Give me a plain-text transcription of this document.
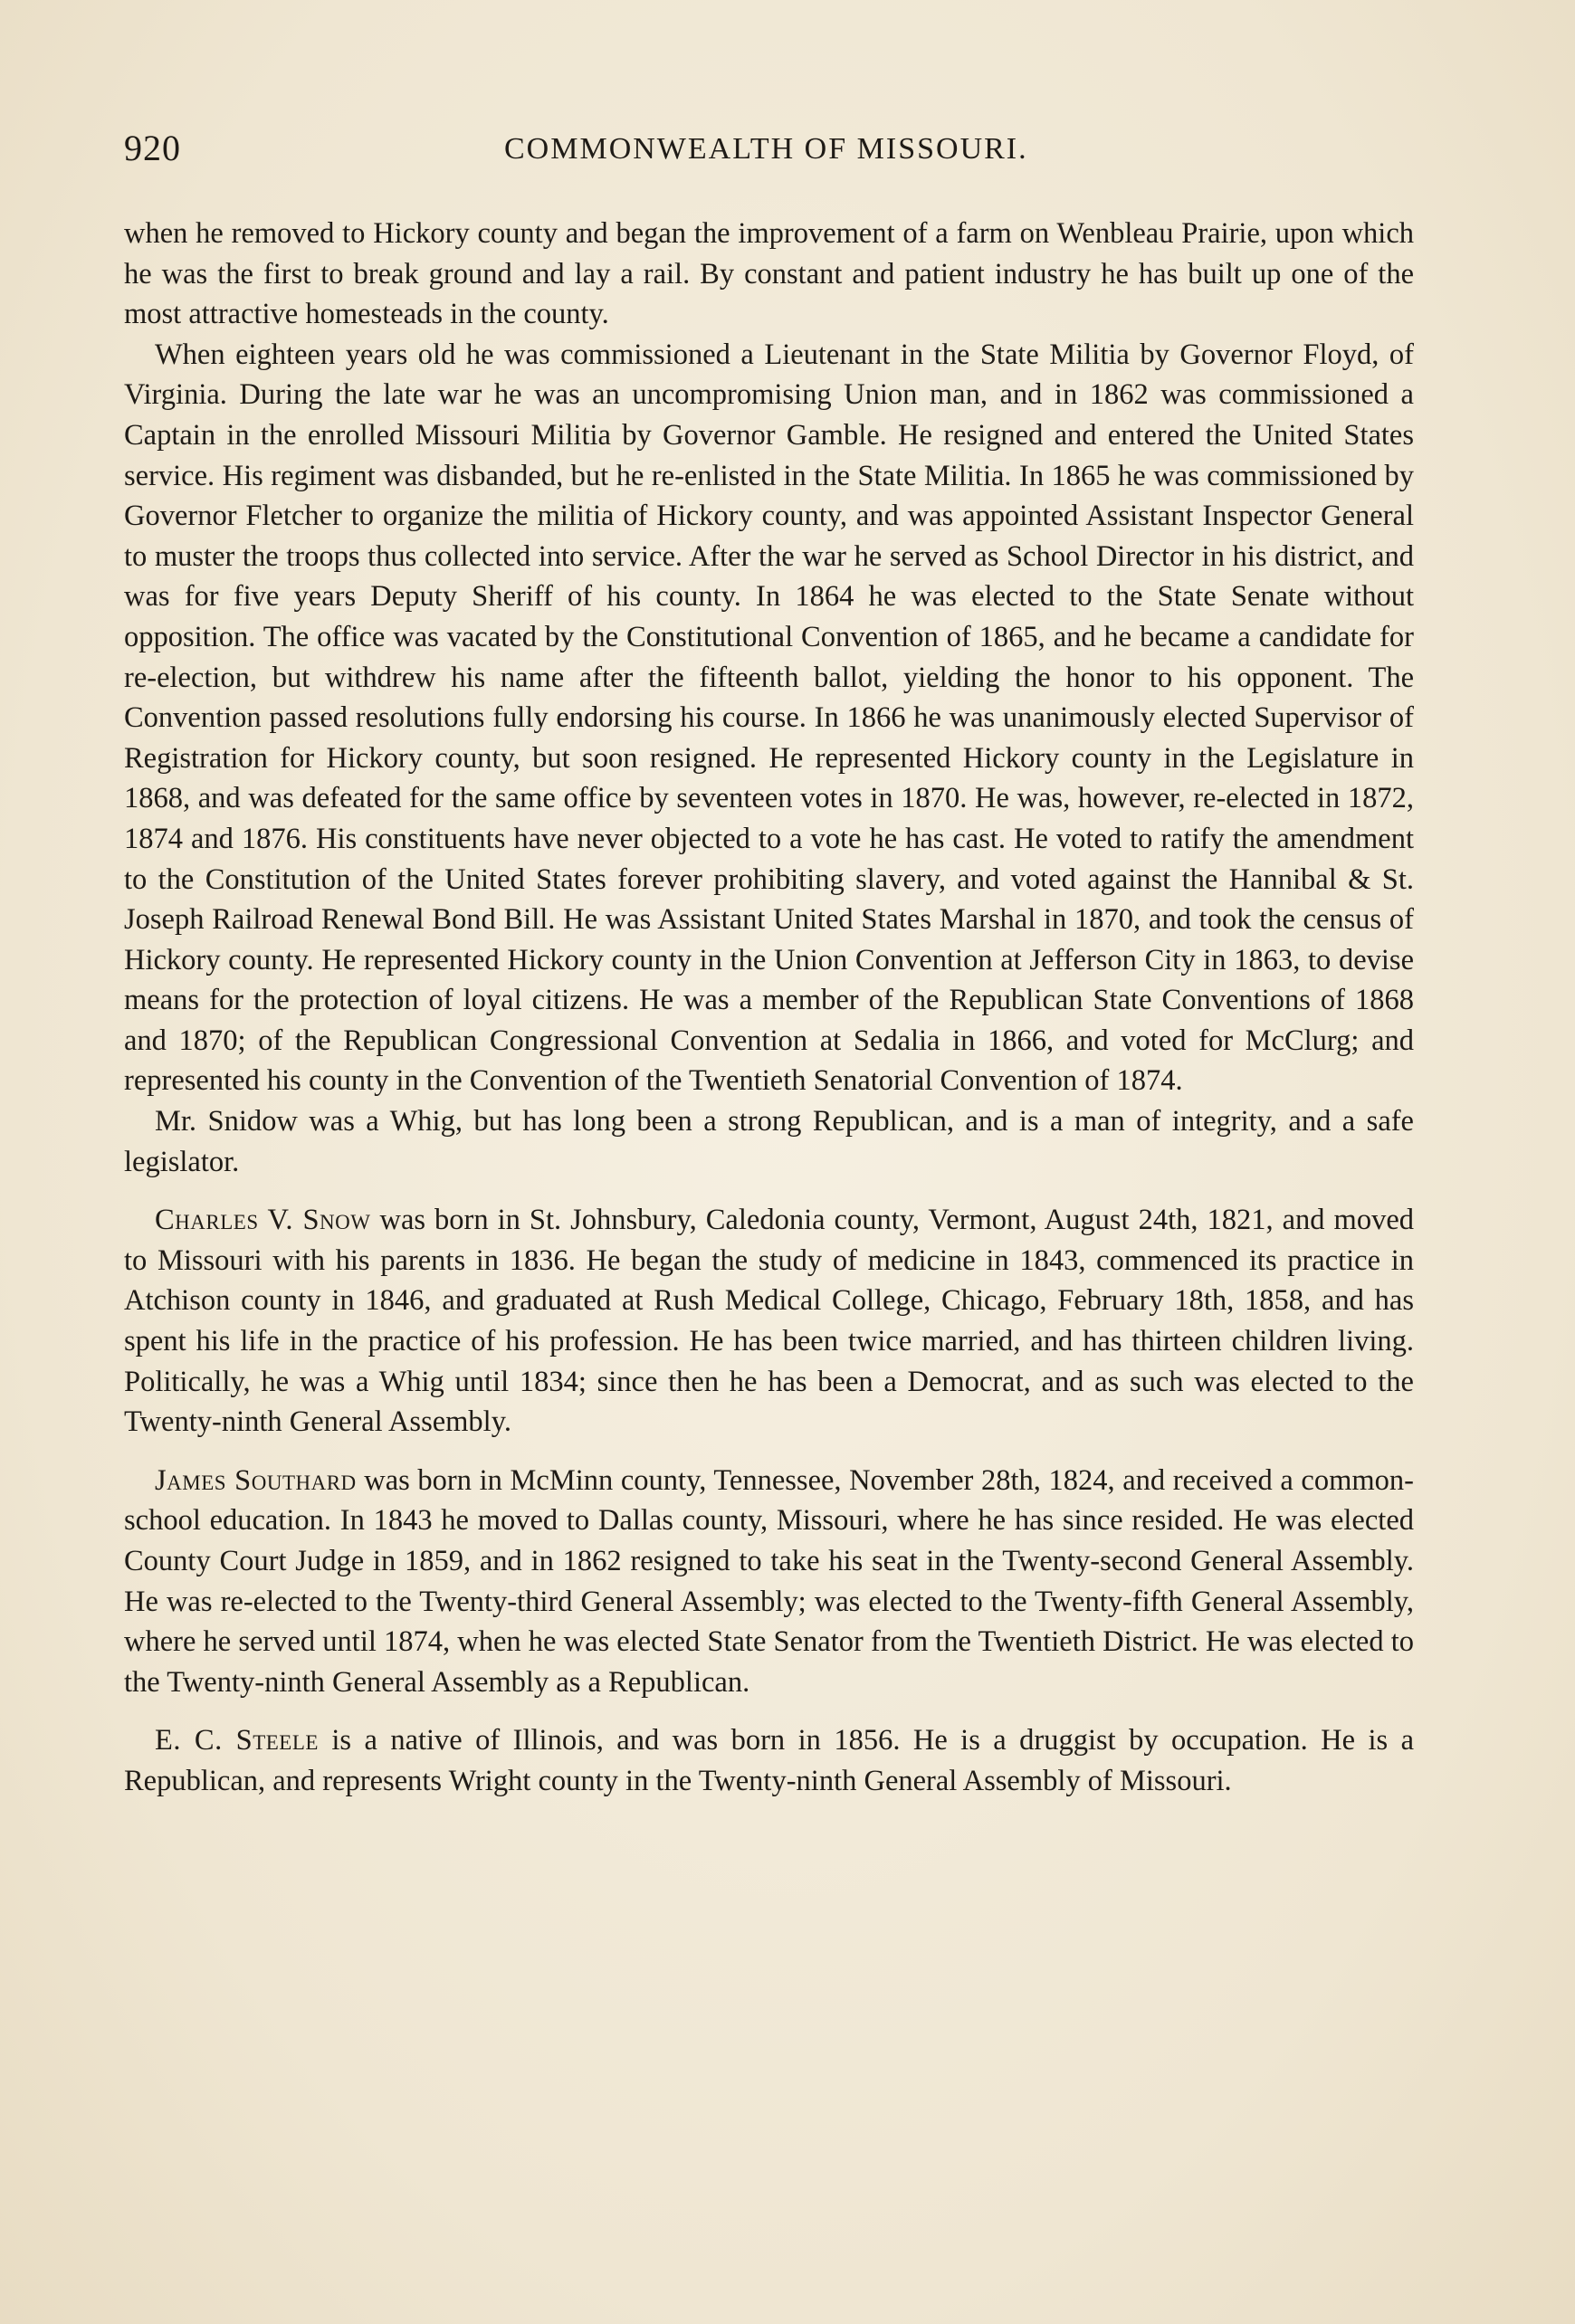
920	COMMONWEALTH OF MISSOURI.

when he removed to Hickory county and began the improvement of a farm on Wenbleau Prairie, upon which he was the first to break ground and lay a rail. By constant and patient industry he has built up one of the most attractive homesteads in the county.

When eighteen years old he was commissioned a Lieutenant in the State Militia by Governor Floyd, of Virginia. During the late war he was an uncompromising Union man, and in 1862 was commissioned a Captain in the enrolled Missouri Militia by Governor Gamble. He resigned and entered the United States service. His regiment was disbanded, but he re-enlisted in the State Militia. In 1865 he was commissioned by Governor Fletcher to organize the militia of Hickory county, and was appointed Assistant Inspector General to muster the troops thus collected into service. After the war he served as School Director in his district, and was for five years Deputy Sheriff of his county. In 1864 he was elected to the State Senate without opposition. The office was vacated by the Constitutional Convention of 1865, and he became a candidate for re-election, but withdrew his name after the fifteenth ballot, yielding the honor to his opponent. The Convention passed resolutions fully endorsing his course. In 1866 he was unanimously elected Supervisor of Registration for Hickory county, but soon resigned. He represented Hickory county in the Legislature in 1868, and was defeated for the same office by seventeen votes in 1870. He was, however, re-elected in 1872, 1874 and 1876. His constituents have never objected to a vote he has cast. He voted to ratify the amendment to the Constitution of the United States forever prohibiting slavery, and voted against the Hannibal & St. Joseph Railroad Renewal Bond Bill. He was Assistant United States Marshal in 1870, and took the census of Hickory county. He represented Hickory county in the Union Convention at Jefferson City in 1863, to devise means for the protection of loyal citizens. He was a member of the Republican State Conventions of 1868 and 1870; of the Republican Congressional Convention at Sedalia in 1866, and voted for McClurg; and represented his county in the Convention of the Twentieth Senatorial Convention of 1874.

Mr. Snidow was a Whig, but has long been a strong Republican, and is a man of integrity, and a safe legislator.

Charles V. Snow was born in St. Johnsbury, Caledonia county, Vermont, August 24th, 1821, and moved to Missouri with his parents in 1836. He began the study of medicine in 1843, commenced its practice in Atchison county in 1846, and graduated at Rush Medical College, Chicago, February 18th, 1858, and has spent his life in the practice of his profession. He has been twice married, and has thirteen children living. Politically, he was a Whig until 1834; since then he has been a Democrat, and as such was elected to the Twenty-ninth General Assembly.

James Southard was born in McMinn county, Tennessee, November 28th, 1824, and received a common-school education. In 1843 he moved to Dallas county, Missouri, where he has since resided. He was elected County Court Judge in 1859, and in 1862 resigned to take his seat in the Twenty-second General Assembly. He was re-elected to the Twenty-third General Assembly; was elected to the Twenty-fifth General Assembly, where he served until 1874, when he was elected State Senator from the Twentieth District. He was elected to the Twenty-ninth General Assembly as a Republican.

E. C. Steele is a native of Illinois, and was born in 1856. He is a druggist by occupation. He is a Republican, and represents Wright county in the Twenty-ninth General Assembly of Missouri.
